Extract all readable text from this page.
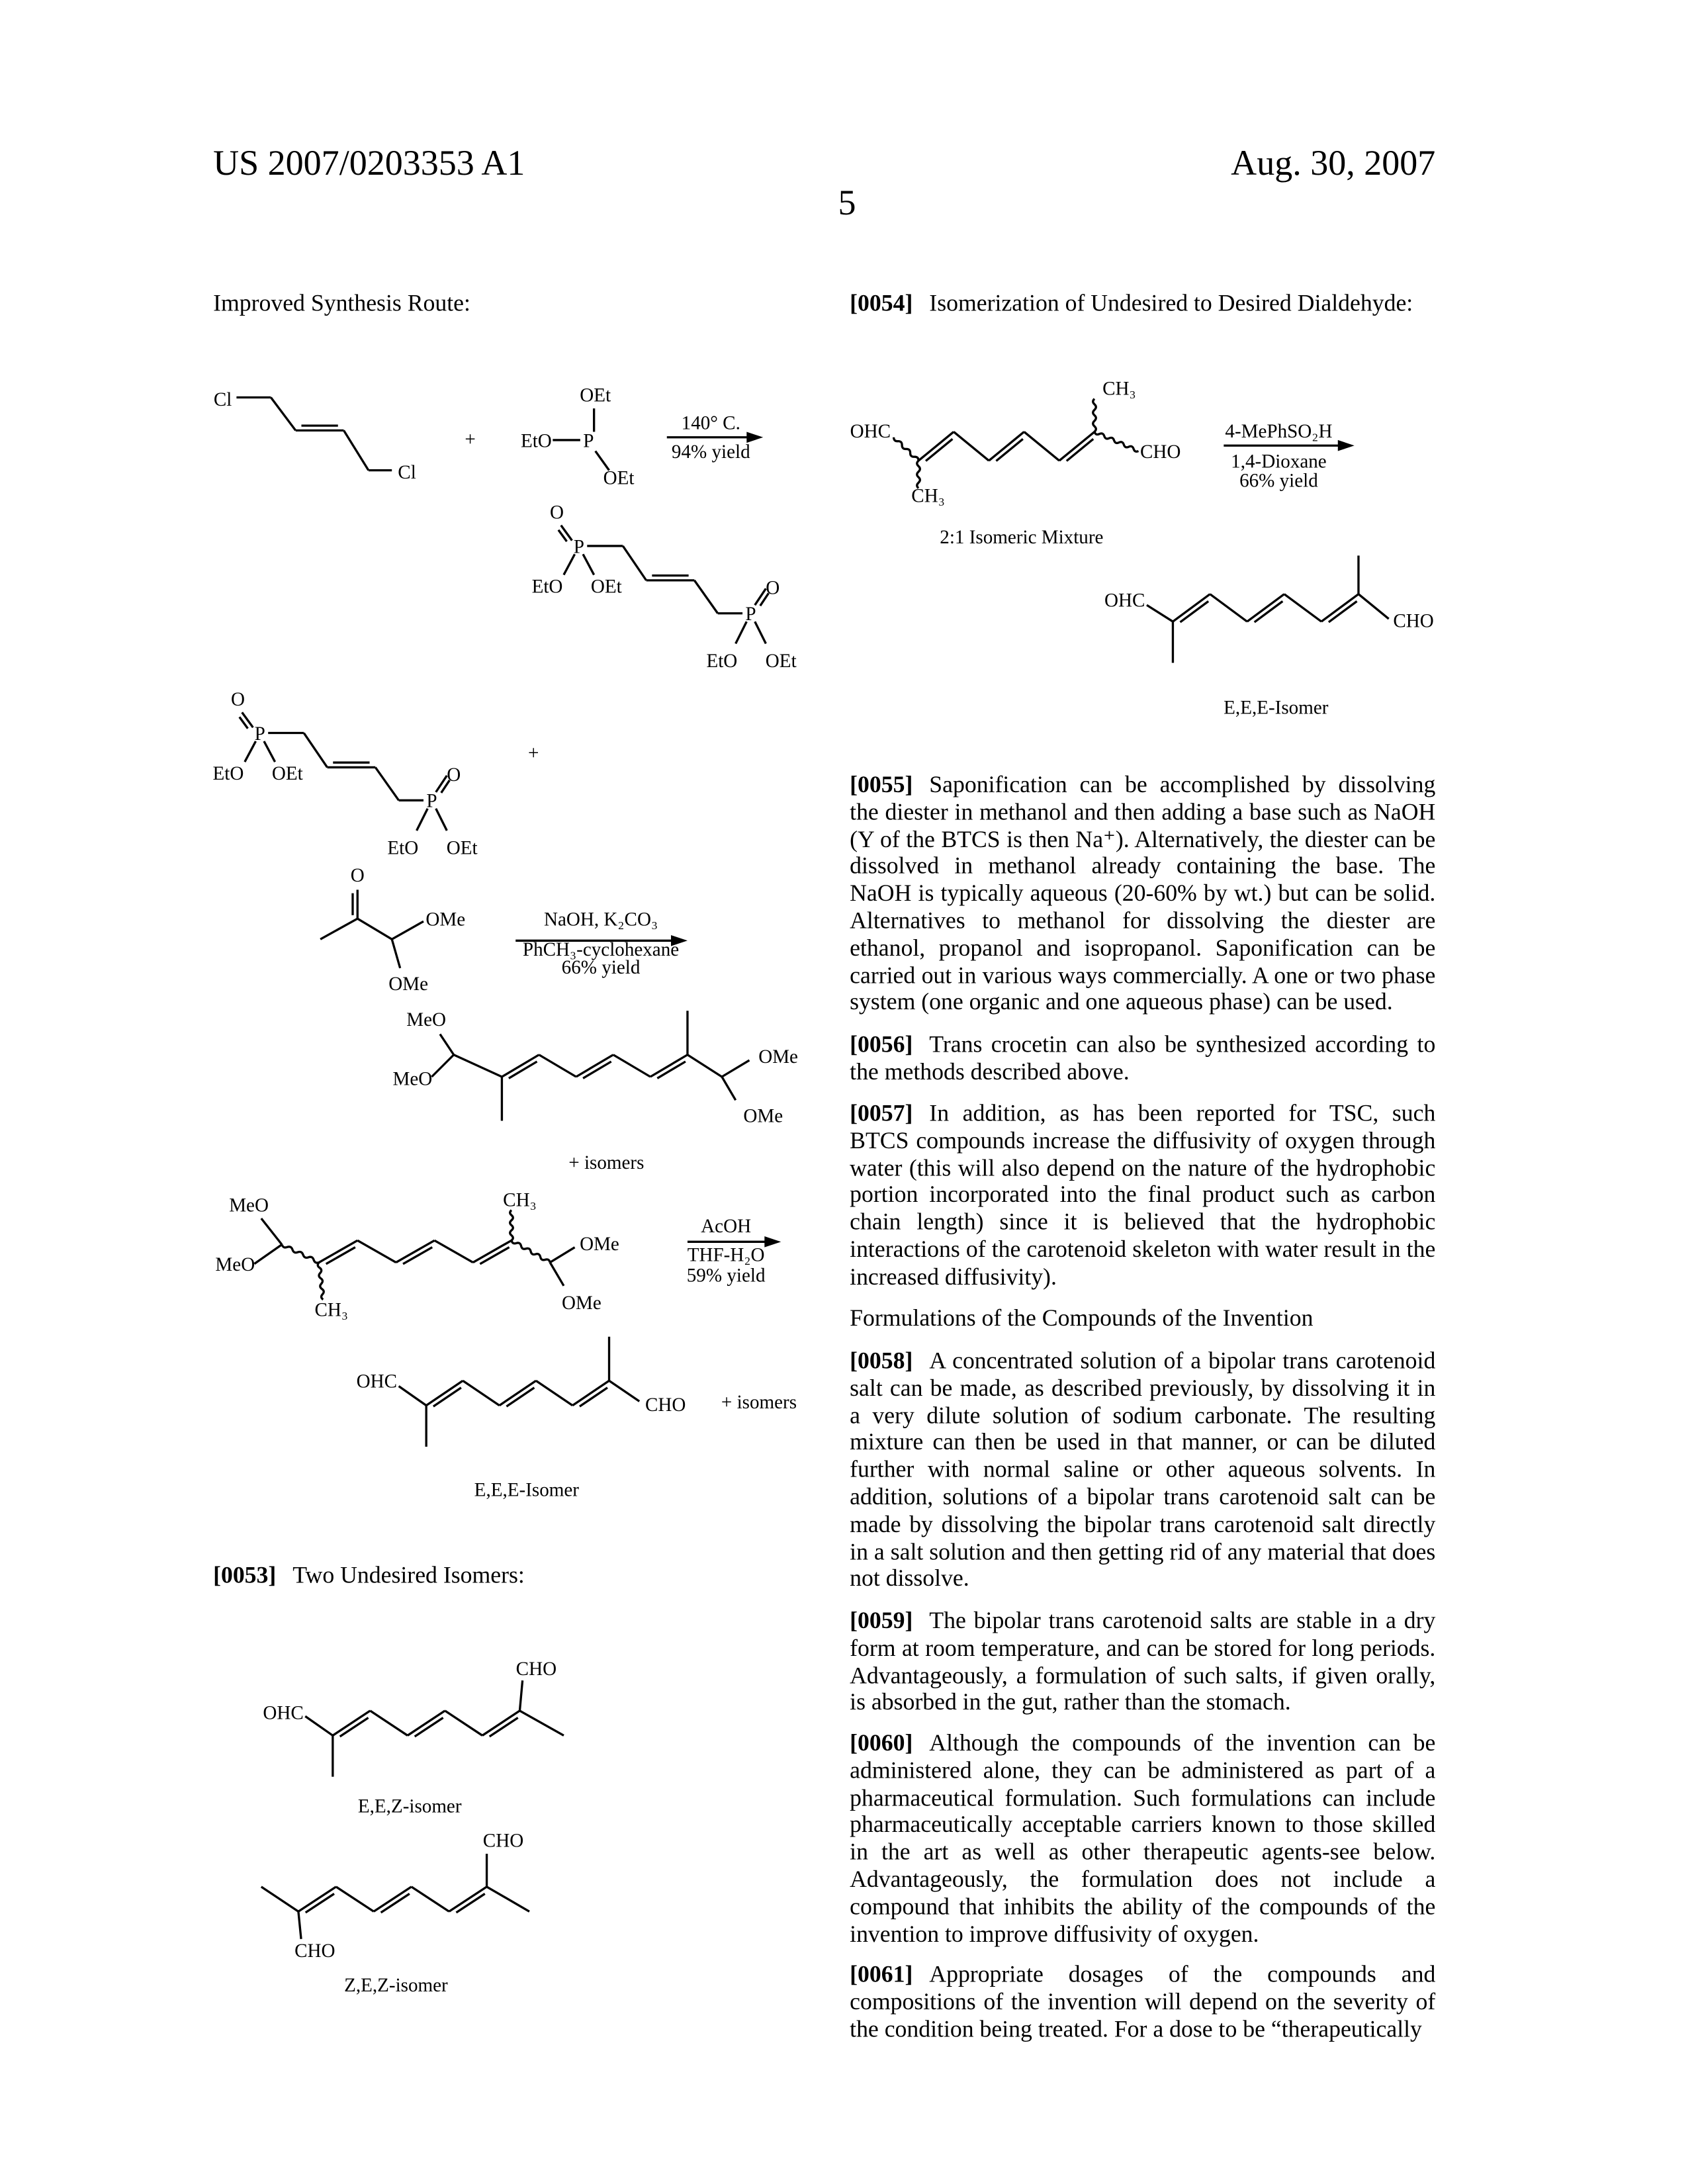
US 2007/0203353 A1
5
Aug. 30, 2007
Improved Synthesis Route:
[0053] Two Undesired Isomers:
[0054] Isomerization of Undesired to Desired Dialdehyde:
[0055] Saponification can be accomplished by dissolving the diester in methanol and then adding a base such as NaOH (Y of the BTCS is then Na⁺). Alternatively, the diester can be dissolved in methanol already containing the base. The NaOH is typically aqueous (20-60% by wt.) but can be solid. Alternatives to methanol for dissolving the diester are ethanol, propanol and isopropanol. Saponification can be carried out in various ways commercially. A one or two phase system (one organic and one aqueous phase) can be used.
[0056] Trans crocetin can also be synthesized according to the methods described above.
[0057] In addition, as has been reported for TSC, such BTCS compounds increase the diffusivity of oxygen through water (this will also depend on the nature of the hydrophobic portion incorporated into the final product such as carbon chain length) since it is believed that the hydrophobic interactions of the carotenoid skeleton with water result in the increased diffusivity).
Formulations of the Compounds of the Invention
[0058] A concentrated solution of a bipolar trans carotenoid salt can be made, as described previously, by dissolving it in a very dilute solution of sodium carbonate. The resulting mixture can then be used in that manner, or can be diluted further with normal saline or other aqueous solvents. In addition, solutions of a bipolar trans carotenoid salt can be made by dissolving the bipolar trans carotenoid salt directly in a salt solution and then getting rid of any material that does not dissolve.
[0059] The bipolar trans carotenoid salts are stable in a dry form at room temperature, and can be stored for long periods. Advantageously, a formulation of such salts, if given orally, is absorbed in the gut, rather than the stomach.
[0060] Although the compounds of the invention can be administered alone, they can be administered as part of a pharmaceutical formulation. Such formulations can include pharmaceutically acceptable carriers known to those skilled in the art as well as other therapeutic agents-see below. Advantageously, the formulation does not include a compound that inhibits the ability of the compounds of the invention to improve diffusivity of oxygen.
[0061] Appropriate dosages of the compounds and compositions of the invention will depend on the severity of the condition being treated. For a dose to be “therapeutically
Cl
Cl
+
OEt
EtO	P
OEt
140° C.
94% yield
O
P
EtO	OEt	O
P
EtO	OEt
O
P
EtO	OEt	O
P
EtO	OEt
+
O
OMe
OMe
NaOH, K₂CO₃
PhCH₃-cyclohexane
66% yield
MeO
MeO
OMe
OMe
+ isomers
MeO
MeO
CH₃
CH₃
OMe
OMe
AcOH
THF-H₂O
59% yield
OHC
CHO	+ isomers
E,E,E-Isomer
OHC
CHO
E,E,Z-isomer
CHO
CHO
Z,E,Z-isomer
OHC
CH₃
CH₃
CHO
2:1 Isomeric Mixture
4-MePhSO₂H
1,4-Dioxane
66% yield
OHC
CHO
E,E,E-Isomer
